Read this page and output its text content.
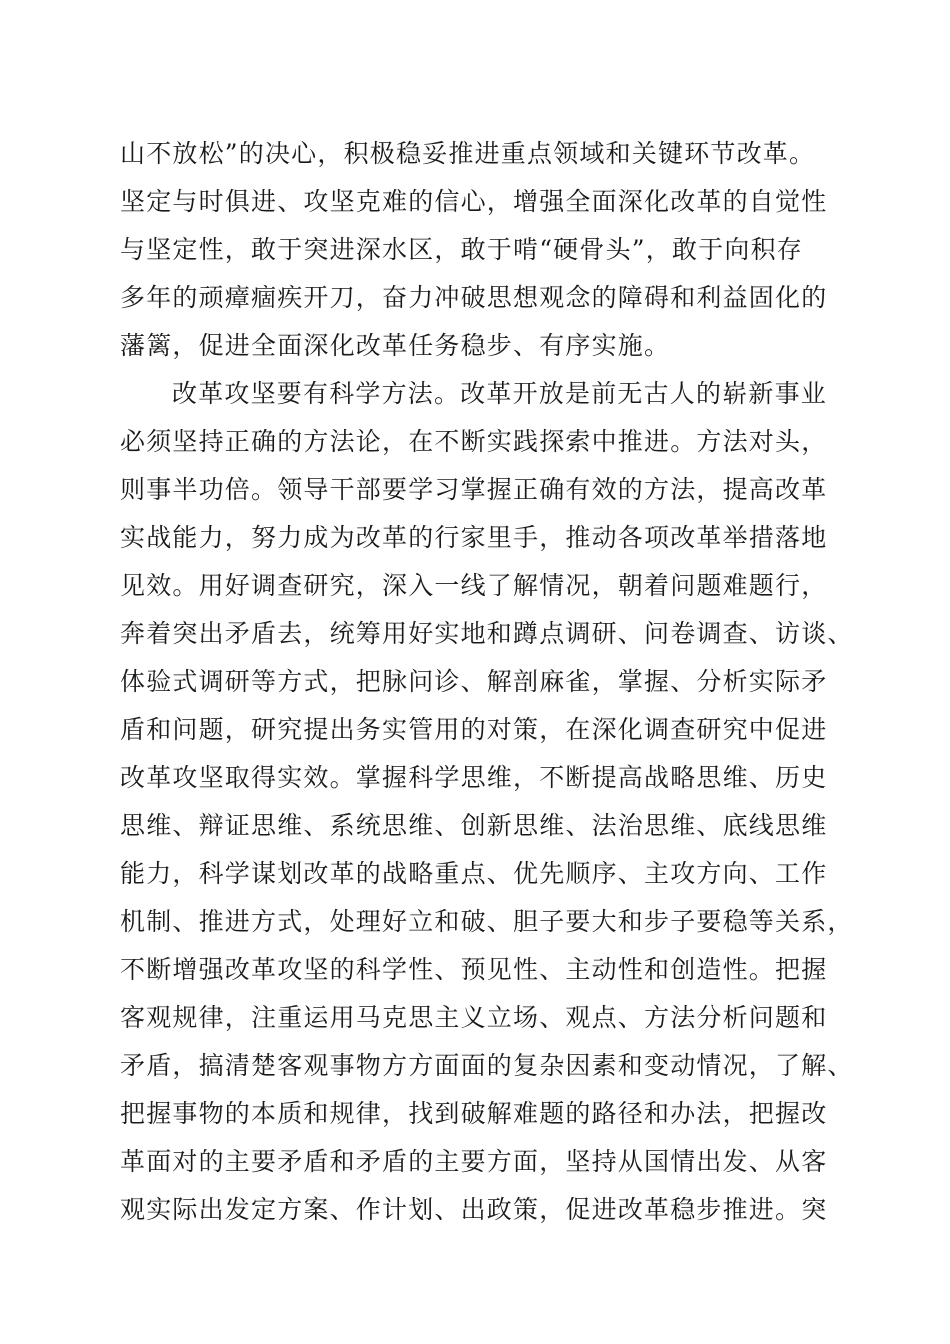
山不放松”的决心，积极稳妥推进重点领域和关键环节改革。
坚定与时俱进、攻坚克难的信心，增强全面深化改革的自觉性
与坚定性，敢于突进深水区，敢于啃“硬骨头”，敢于向积存
多年的顽瘴痼疾开刀，奋力冲破思想观念的障碍和利益固化的
藩篱，促进全面深化改革任务稳步、有序实施。
改革攻坚要有科学方法。改革开放是前无古人的崭新事业
必须坚持正确的方法论，在不断实践探索中推进。方法对头，
则事半功倍。领导干部要学习掌握正确有效的方法，提高改革
实战能力，努力成为改革的行家里手，推动各项改革举措落地
见效。用好调查研究，深入一线了解情况，朝着问题难题行，
奔着突出矛盾去，统筹用好实地和蹲点调研、问卷调查、访谈、
体验式调研等方式，把脉问诊、解剖麻雀，掌握、分析实际矛
盾和问题，研究提出务实管用的对策，在深化调查研究中促进
改革攻坚取得实效。掌握科学思维，不断提高战略思维、历史
思维、辩证思维、系统思维、创新思维、法治思维、底线思维
能力，科学谋划改革的战略重点、优先顺序、主攻方向、工作
机制、推进方式，处理好立和破、胆子要大和步子要稳等关系，
不断增强改革攻坚的科学性、预见性、主动性和创造性。把握
客观规律，注重运用马克思主义立场、观点、方法分析问题和
矛盾，搞清楚客观事物方方面面的复杂因素和变动情况，了解、
把握事物的本质和规律，找到破解难题的路径和办法，把握改
革面对的主要矛盾和矛盾的主要方面，坚持从国情出发、从客
观实际出发定方案、作计划、出政策，促进改革稳步推进。突
